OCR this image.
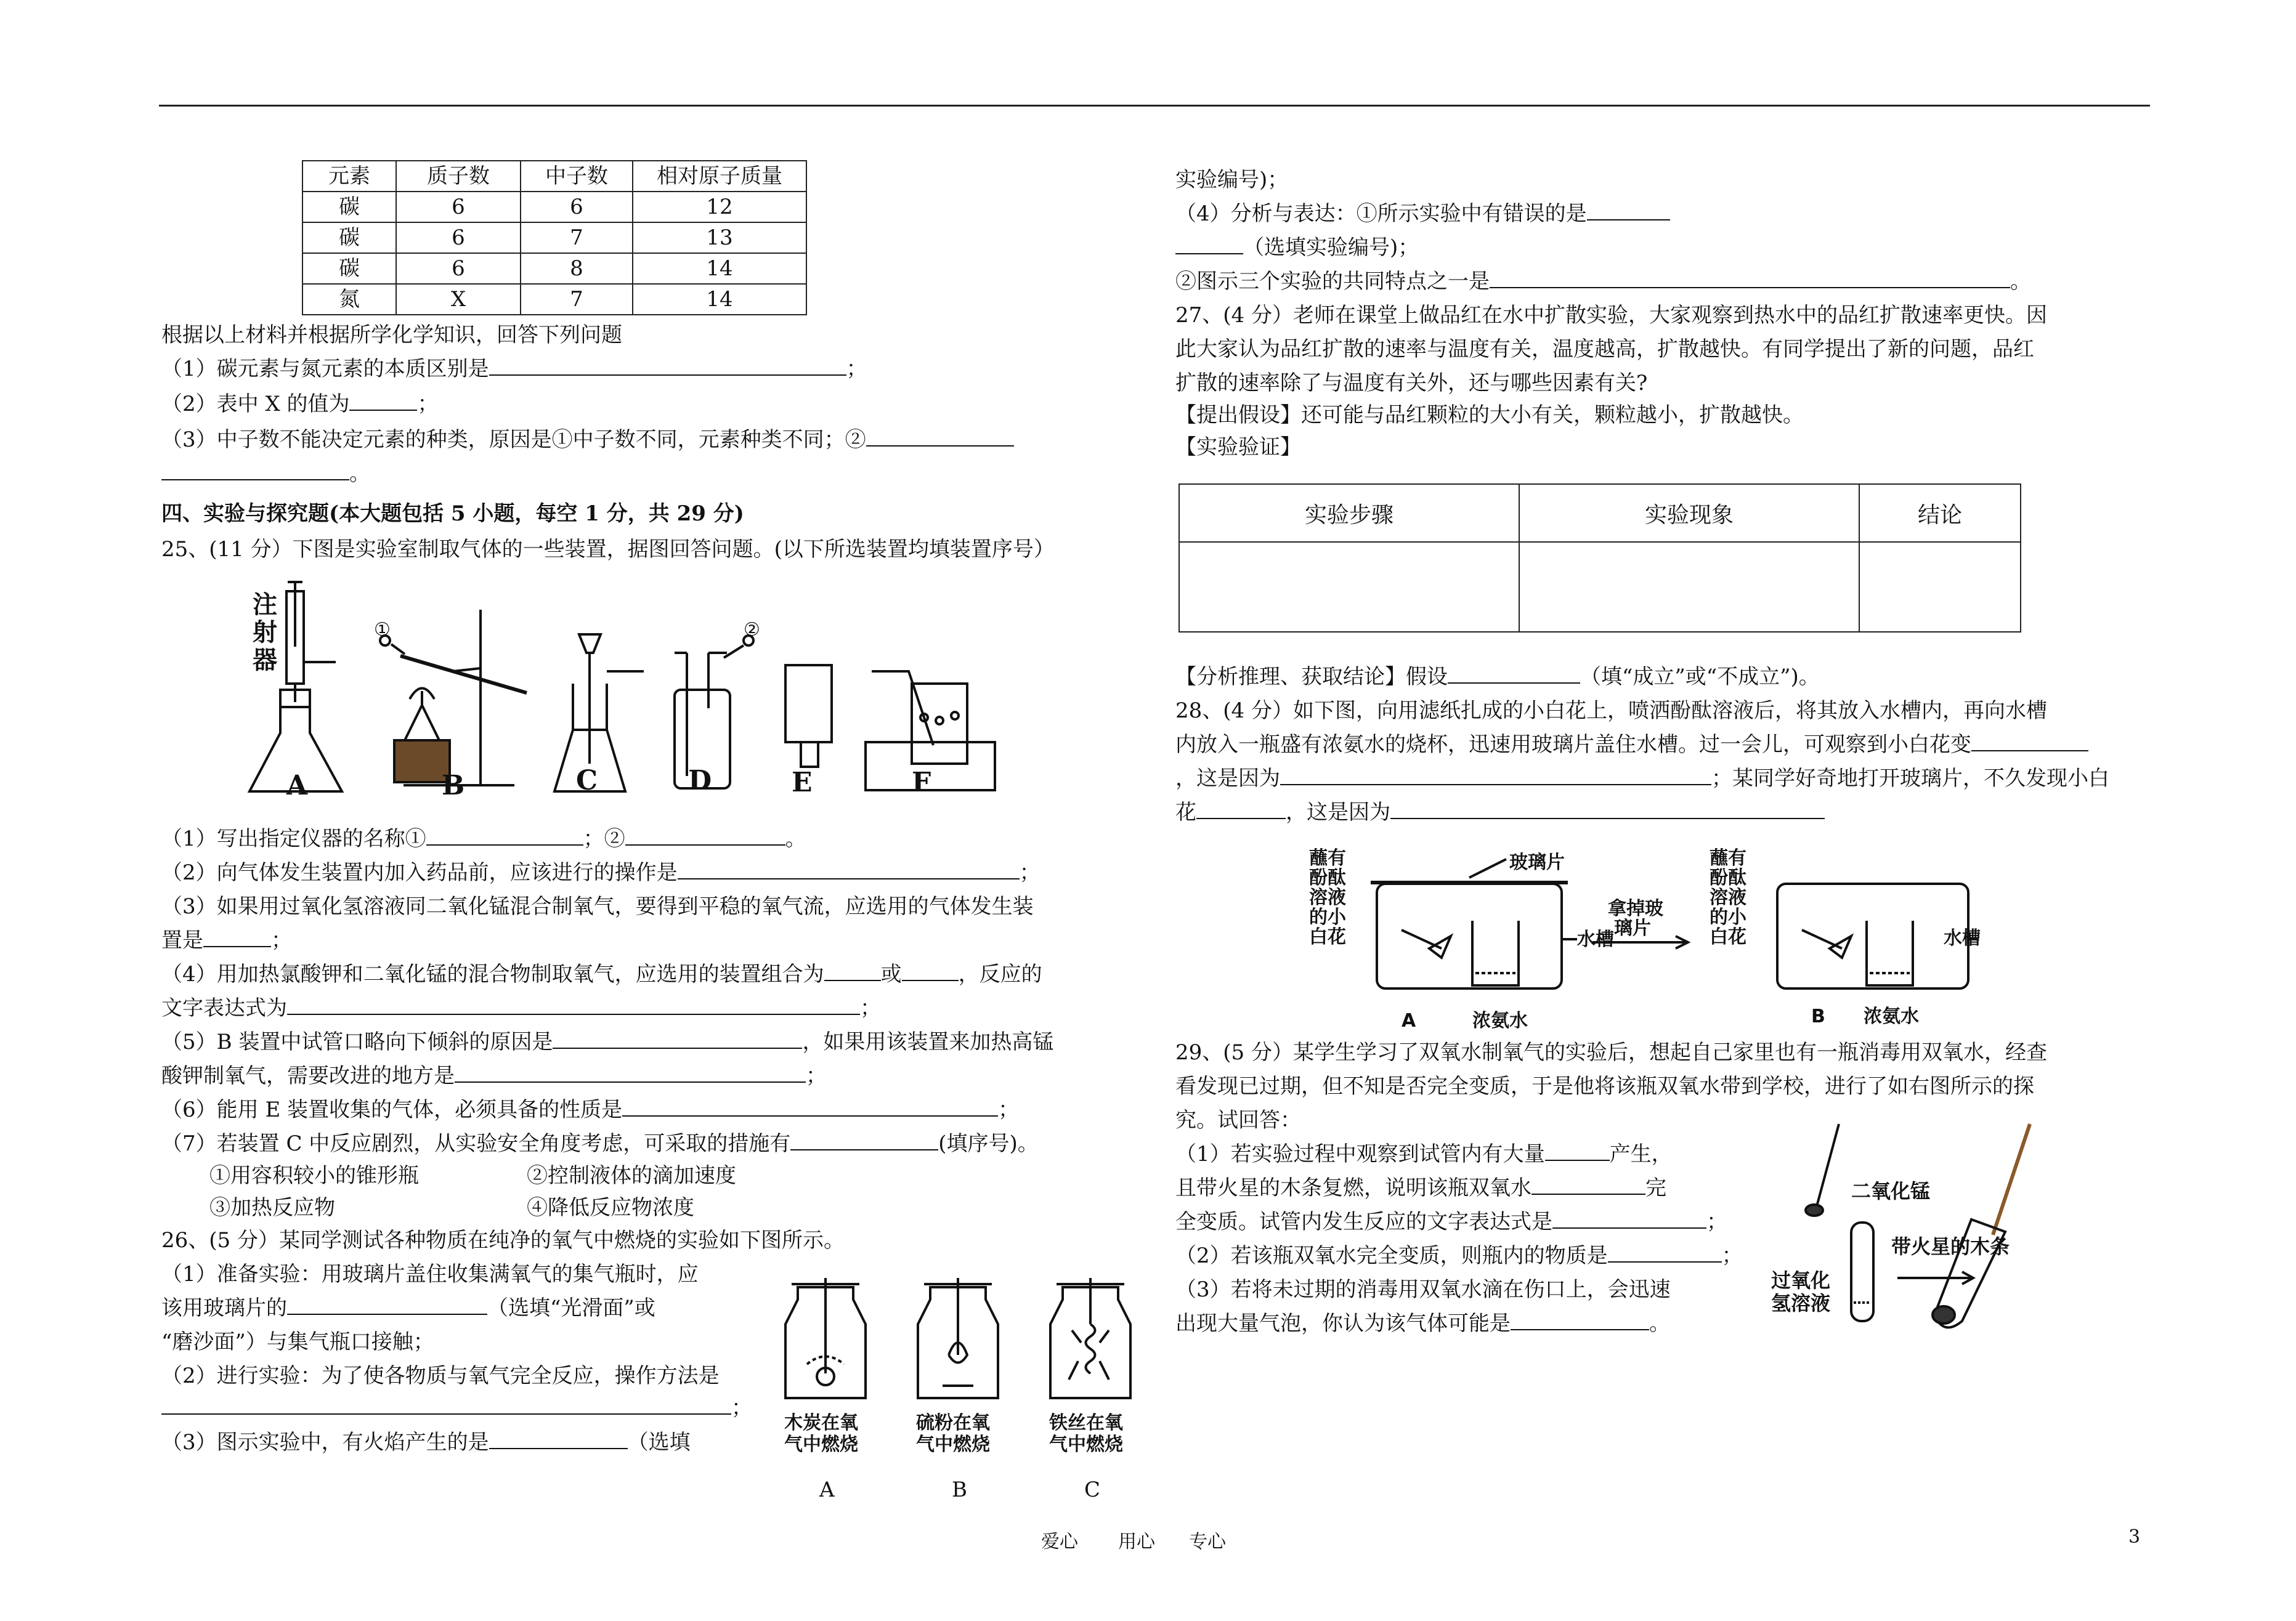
元素	质子数	中子数	相对原子质量
碳	6	6	12
碳	6	7	13
碳	6	8	14
氮	X	7	14
根据以上材料并根据所学化学知识，回答下列问题
（1）碳元素与氮元素的本质区别是	；
（2）表中 X 的值为	；
（3）中子数不能决定元素的种类，原因是①中子数不同，元素种类不同；②
。
四、实验与探究题(本大题包括 5 小题，每空 1 分，共 29 分)
25、(11 分）下图是实验室制取气体的一些装置，据图回答问题。(以下所选装置均填装置序号）
注
射
器
①	②
A	B	C	D	E	F
（1）写出指定仪器的名称①	；②	。
（2）向气体发生装置内加入药品前，应该进行的操作是	；
（3）如果用过氧化氢溶液同二氧化锰混合制氧气，要得到平稳的氧气流，应选用的气体发生装
置是	；
（4）用加热氯酸钾和二氧化锰的混合物制取氧气，应选用的装置组合为	或	，反应的
文字表达式为	；
（5）B 装置中试管口略向下倾斜的原因是	，如果用该装置来加热高锰
酸钾制氧气，需要改进的地方是	；
（6）能用 E 装置收集的气体，必须具备的性质是	；
（7）若装置 C 中反应剧烈，从实验安全角度考虑，可采取的措施有	(填序号)。
①用容积较小的锥形瓶	②控制液体的滴加速度
③加热反应物	④降低反应物浓度
26、(5 分）某同学测试各种物质在纯净的氧气中燃烧的实验如下图所示。
（1）准备实验：用玻璃片盖住收集满氧气的集气瓶时，应
该用玻璃片的	（选填“光滑面”或
“磨沙面”）与集气瓶口接触；
（2）进行实验：为了使各物质与氧气完全反应，操作方法是
；
（3）图示实验中，有火焰产生的是	（选填
木炭在氧
气中燃烧
硫粉在氧
气中燃烧
铁丝在氧
气中燃烧
A	B	C
实验编号)；
（4）分析与表达：①所示实验中有错误的是
（选填实验编号)；
②图示三个实验的共同特点之一是	。
27、(4 分）老师在课堂上做品红在水中扩散实验，大家观察到热水中的品红扩散速率更快。因
此大家认为品红扩散的速率与温度有关，温度越高，扩散越快。有同学提出了新的问题，品红
扩散的速率除了与温度有关外，还与哪些因素有关?
【提出假设】还可能与品红颗粒的大小有关，颗粒越小，扩散越快。
【实验验证】
实验步骤	实验现象	结论

【分析推理、获取结论】假设	（填“成立”或“不成立”)。
28、(4 分）如下图，向用滤纸扎成的小白花上，喷洒酚酞溶液后，将其放入水槽内，再向水槽
内放入一瓶盛有浓氨水的烧杯，迅速用玻璃片盖住水槽。过一会儿，可观察到小白花变
，这是因为	；某同学好奇地打开玻璃片，不久发现小白
花	，这是因为
蘸有
酚酞
溶液
的小
白花
玻璃片
水槽
浓氨水
A
拿掉玻
璃片
蘸有
酚酞
溶液
的小
白花	水槽
浓氨水
B
29、(5 分）某学生学习了双氧水制氧气的实验后，想起自己家里也有一瓶消毒用双氧水，经查
看发现已过期，但不知是否完全变质，于是他将该瓶双氧水带到学校，进行了如右图所示的探
究。试回答：
（1）若实验过程中观察到试管内有大量	产生，
且带火星的木条复燃，说明该瓶双氧水	完
全变质。试管内发生反应的文字表达式是	；
（2）若该瓶双氧水完全变质，则瓶内的物质是	；
（3）若将未过期的消毒用双氧水滴在伤口上，会迅速
出现大量气泡，你认为该气体可能是	。
二氧化锰
带火星的木条
过氧化
氢溶液
爱心 用心 专心	3
